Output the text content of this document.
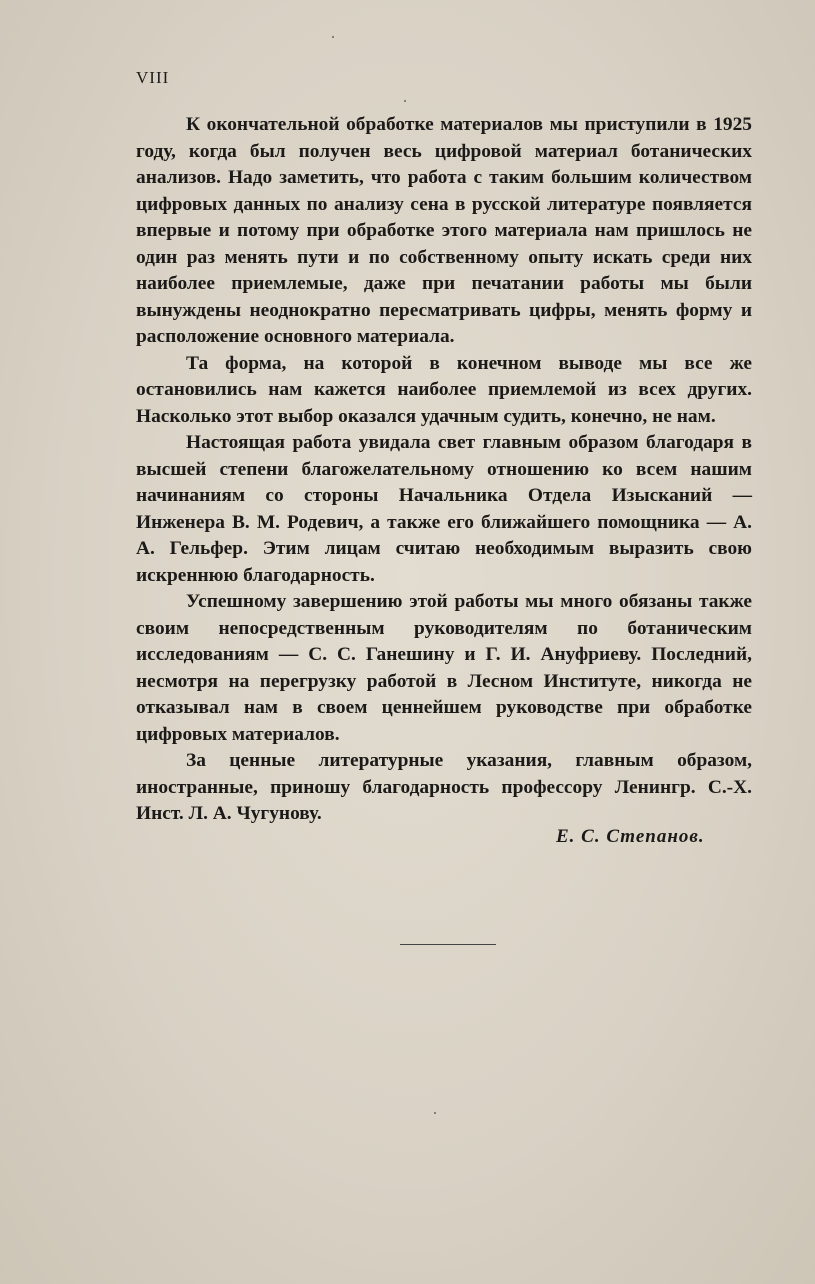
VIII

К окончательной обработке материалов мы приступили в 1925 году, когда был получен весь цифровой материал ботанических анализов. Надо заметить, что работа с таким большим количеством цифровых данных по анализу сена в русской литературе появляется впервые и потому при обработке этого материала нам пришлось не один раз менять пути и по собственному опыту искать среди них наиболее приемлемые, даже при печатании работы мы были вынуждены неоднократно пересматривать цифры, менять форму и расположение основного материала.

Та форма, на которой в конечном выводе мы все же остановились нам кажется наиболее приемлемой из всех других. Насколько этот выбор оказался удачным судить, конечно, не нам.

Настоящая работа увидала свет главным образом благодаря в высшей степени благожелательному отношению ко всем нашим начинаниям со стороны Начальника Отдела Изысканий — Инженера В. М. Родевич, а также его ближайшего помощника — А. А. Гельфер. Этим лицам считаю необходимым выразить свою искреннюю благодарность.

Успешному завершению этой работы мы много обязаны также своим непосредственным руководителям по ботаническим исследованиям — С. С. Ганешину и Г. И. Ануфриеву. Последний, несмотря на перегрузку работой в Лесном Институте, никогда не отказывал нам в своем ценнейшем руководстве при обработке цифровых материалов.

За ценные литературные указания, главным образом, иностранные, приношу благодарность профессору Ленингр. С.-Х. Инст. Л. А. Чугунову.

Е. С. Степанов.
